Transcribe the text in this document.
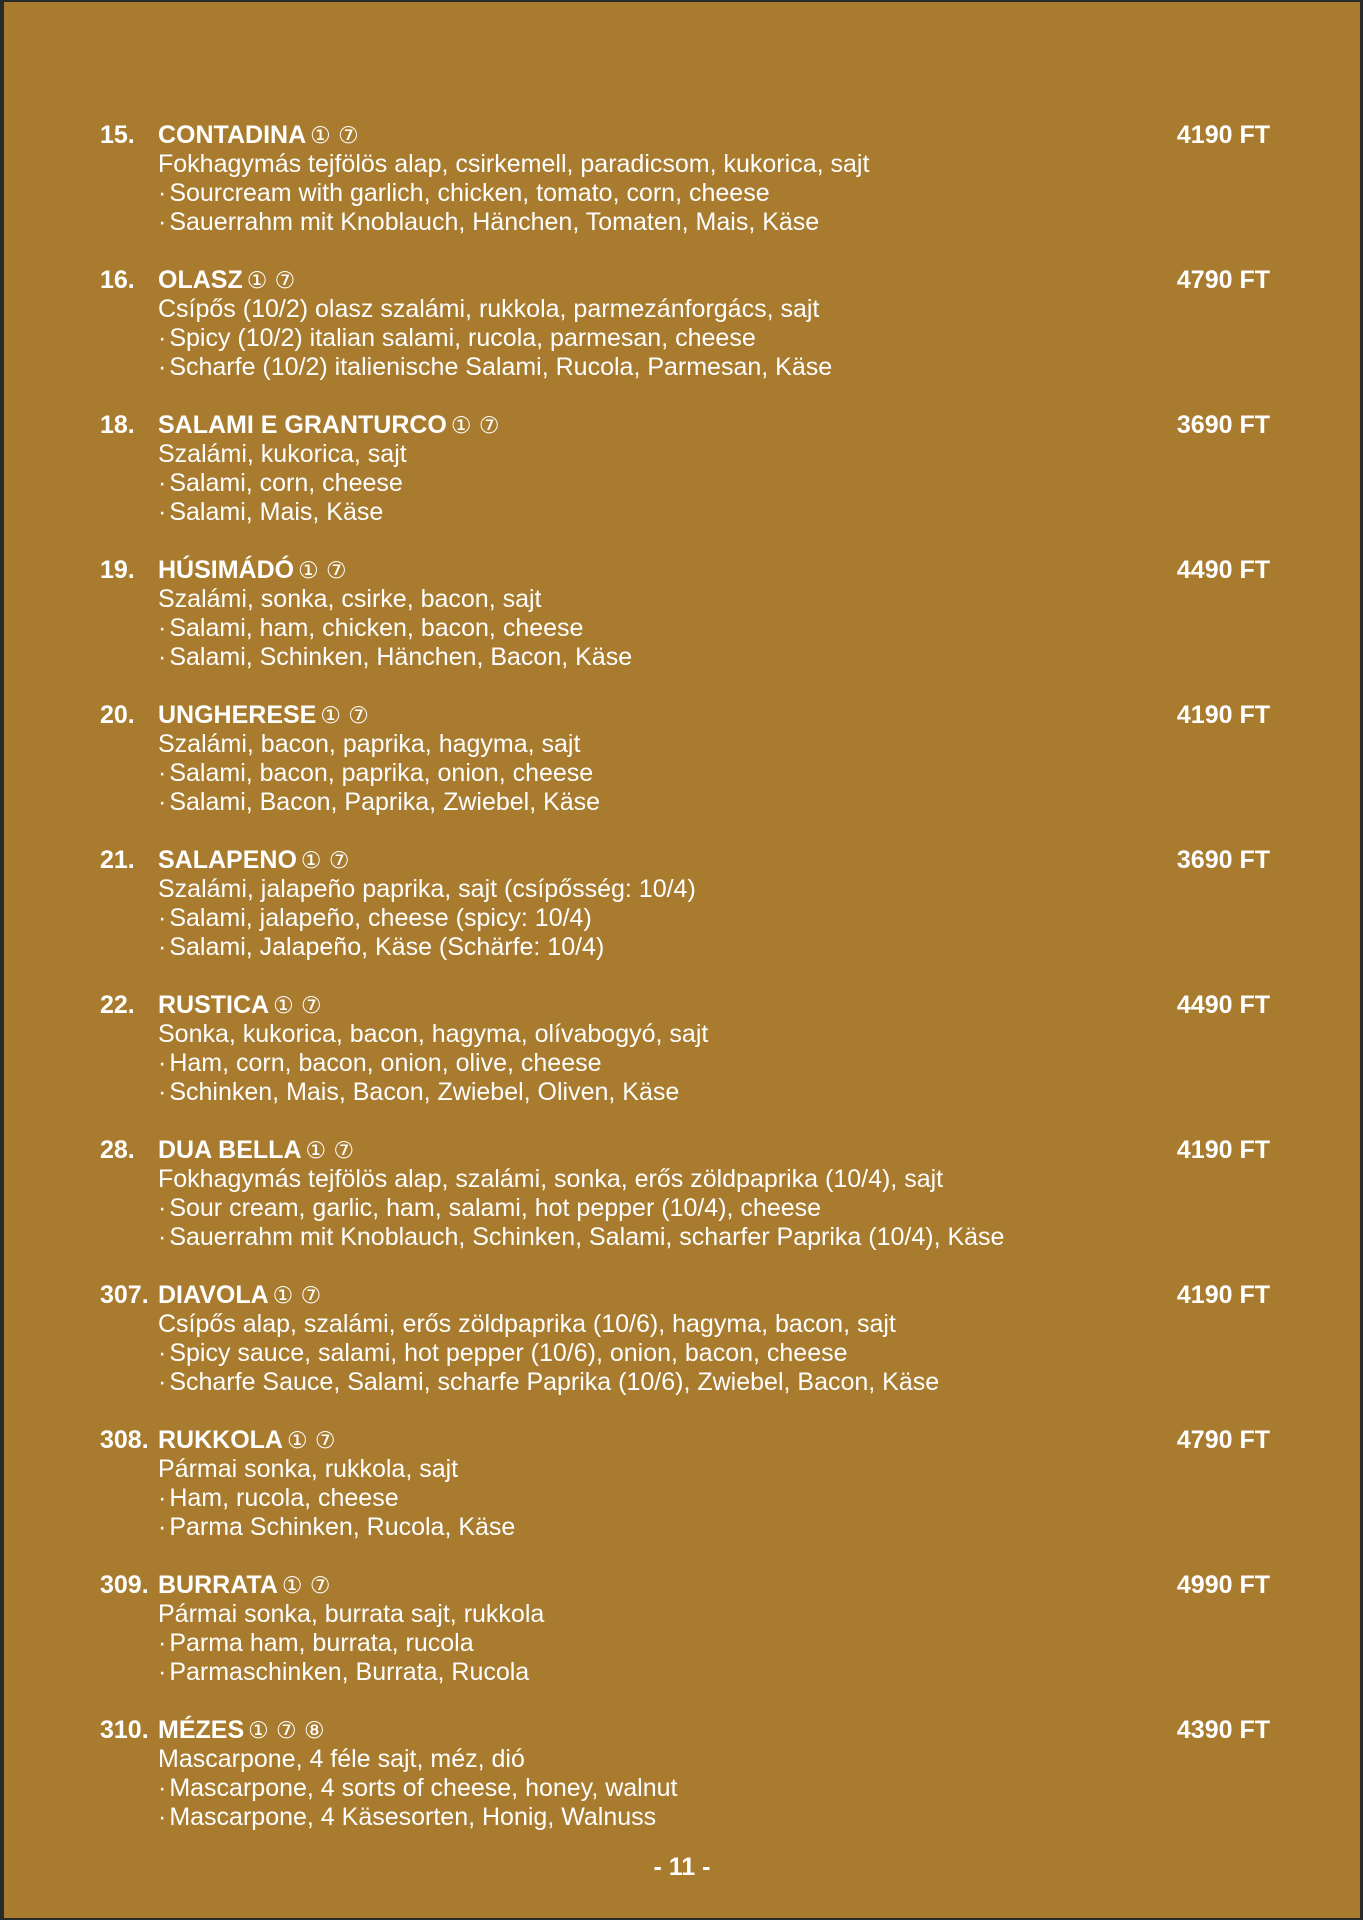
15. CONTADINA ① ⑦	4190 FT
Fokhagymás tejfölös alap, csirkemell, paradicsom, kukorica, sajt
· Sourcream with garlich, chicken, tomato, corn, cheese
· Sauerrahm mit Knoblauch, Hänchen, Tomaten, Mais, Käse
16. OLASZ ① ⑦	4790 FT
Csípős (10/2) olasz szalámi, rukkola, parmezánforgács, sajt
· Spicy (10/2) italian salami, rucola, parmesan, cheese
· Scharfe (10/2) italienische Salami, Rucola, Parmesan, Käse
18. SALAMI E GRANTURCO ① ⑦	3690 FT
Szalámi, kukorica, sajt
· Salami, corn, cheese
· Salami, Mais, Käse
19. HÚSIMÁDÓ ① ⑦	4490 FT
Szalámi, sonka, csirke, bacon, sajt
· Salami, ham, chicken, bacon, cheese
· Salami, Schinken, Hänchen, Bacon, Käse
20. UNGHERESE ① ⑦	4190 FT
Szalámi, bacon, paprika, hagyma, sajt
· Salami, bacon, paprika, onion, cheese
· Salami, Bacon, Paprika, Zwiebel, Käse
21. SALAPENO ① ⑦	3690 FT
Szalámi, jalapeño paprika, sajt (csípősség: 10/4)
· Salami, jalapeño, cheese (spicy: 10/4)
· Salami, Jalapeño, Käse (Schärfe: 10/4)
22. RUSTICA ① ⑦	4490 FT
Sonka, kukorica, bacon, hagyma, olívabogyó, sajt
· Ham, corn, bacon, onion, olive, cheese
· Schinken, Mais, Bacon, Zwiebel, Oliven, Käse
28. DUA BELLA ① ⑦	4190 FT
Fokhagymás tejfölös alap, szalámi, sonka, erős zöldpaprika (10/4), sajt
· Sour cream, garlic, ham, salami, hot pepper (10/4), cheese
· Sauerrahm mit Knoblauch, Schinken, Salami, scharfer Paprika (10/4), Käse
307. DIAVOLA ① ⑦	4190 FT
Csípős alap, szalámi, erős zöldpaprika (10/6), hagyma, bacon, sajt
· Spicy sauce, salami, hot pepper (10/6), onion, bacon, cheese
· Scharfe Sauce, Salami, scharfe Paprika (10/6), Zwiebel, Bacon, Käse
308. RUKKOLA ① ⑦	4790 FT
Pármai sonka, rukkola, sajt
· Ham, rucola, cheese
· Parma Schinken, Rucola, Käse
309. BURRATA ① ⑦	4990 FT
Pármai sonka, burrata sajt, rukkola
· Parma ham, burrata, rucola
· Parmaschinken, Burrata, Rucola
310. MÉZES ① ⑦ ⑧	4390 FT
Mascarpone, 4 féle sajt, méz, dió
· Mascarpone, 4 sorts of cheese, honey, walnut
· Mascarpone, 4 Käsesorten, Honig, Walnuss
- 11 -
